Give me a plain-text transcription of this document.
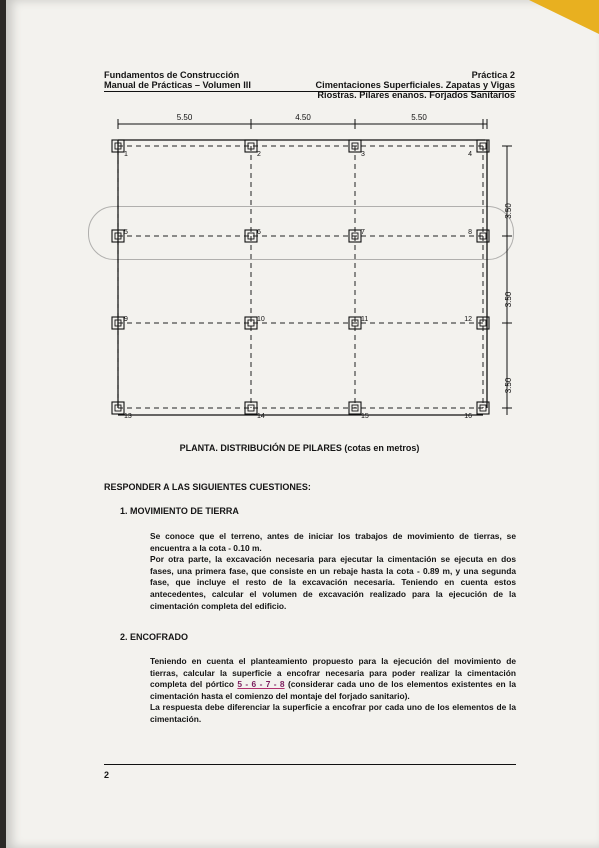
Fundamentos de Construcción
Manual de Prácticas – Volumen III
Práctica 2
Cimentaciones Superficiales. Zapatas y Vigas
Riostras. Pilares enanos. Forjados Sanitarios
5.50	4.50	5.50
3.50
3.50
3.50
1	2	3	4
5	6	7	8
9	10	11	12
13	14	15	16
PLANTA. DISTRIBUCIÓN DE PILARES (cotas en metros)
RESPONDER A LAS SIGUIENTES CUESTIONES:
1. MOVIMIENTO DE TIERRA

Se conoce que el terreno, antes de iniciar los trabajos de movimiento de tierras, se encuentra a la cota - 0.10 m.

Por otra parte, la excavación necesaria para ejecutar la cimentación se ejecuta en dos fases, una primera fase, que consiste en un rebaje hasta la cota - 0.89 m, y una segunda fase, que incluye el resto de la excavación necesaria. Teniendo en cuenta estos antecedentes, calcular el volumen de excavación realizado para la ejecución de la cimentación completa del edificio.

2. ENCOFRADO

Teniendo en cuenta el planteamiento propuesto para la ejecución del movimiento de tierras, calcular la superficie a encofrar necesaria para poder realizar la cimentación completa del pórtico 5 - 6 - 7 - 8 (considerar cada uno de los elementos existentes en la cimentación hasta el comienzo del montaje del forjado sanitario).

La respuesta debe diferenciar la superficie a encofrar por cada uno de los elementos de la cimentación.

2
